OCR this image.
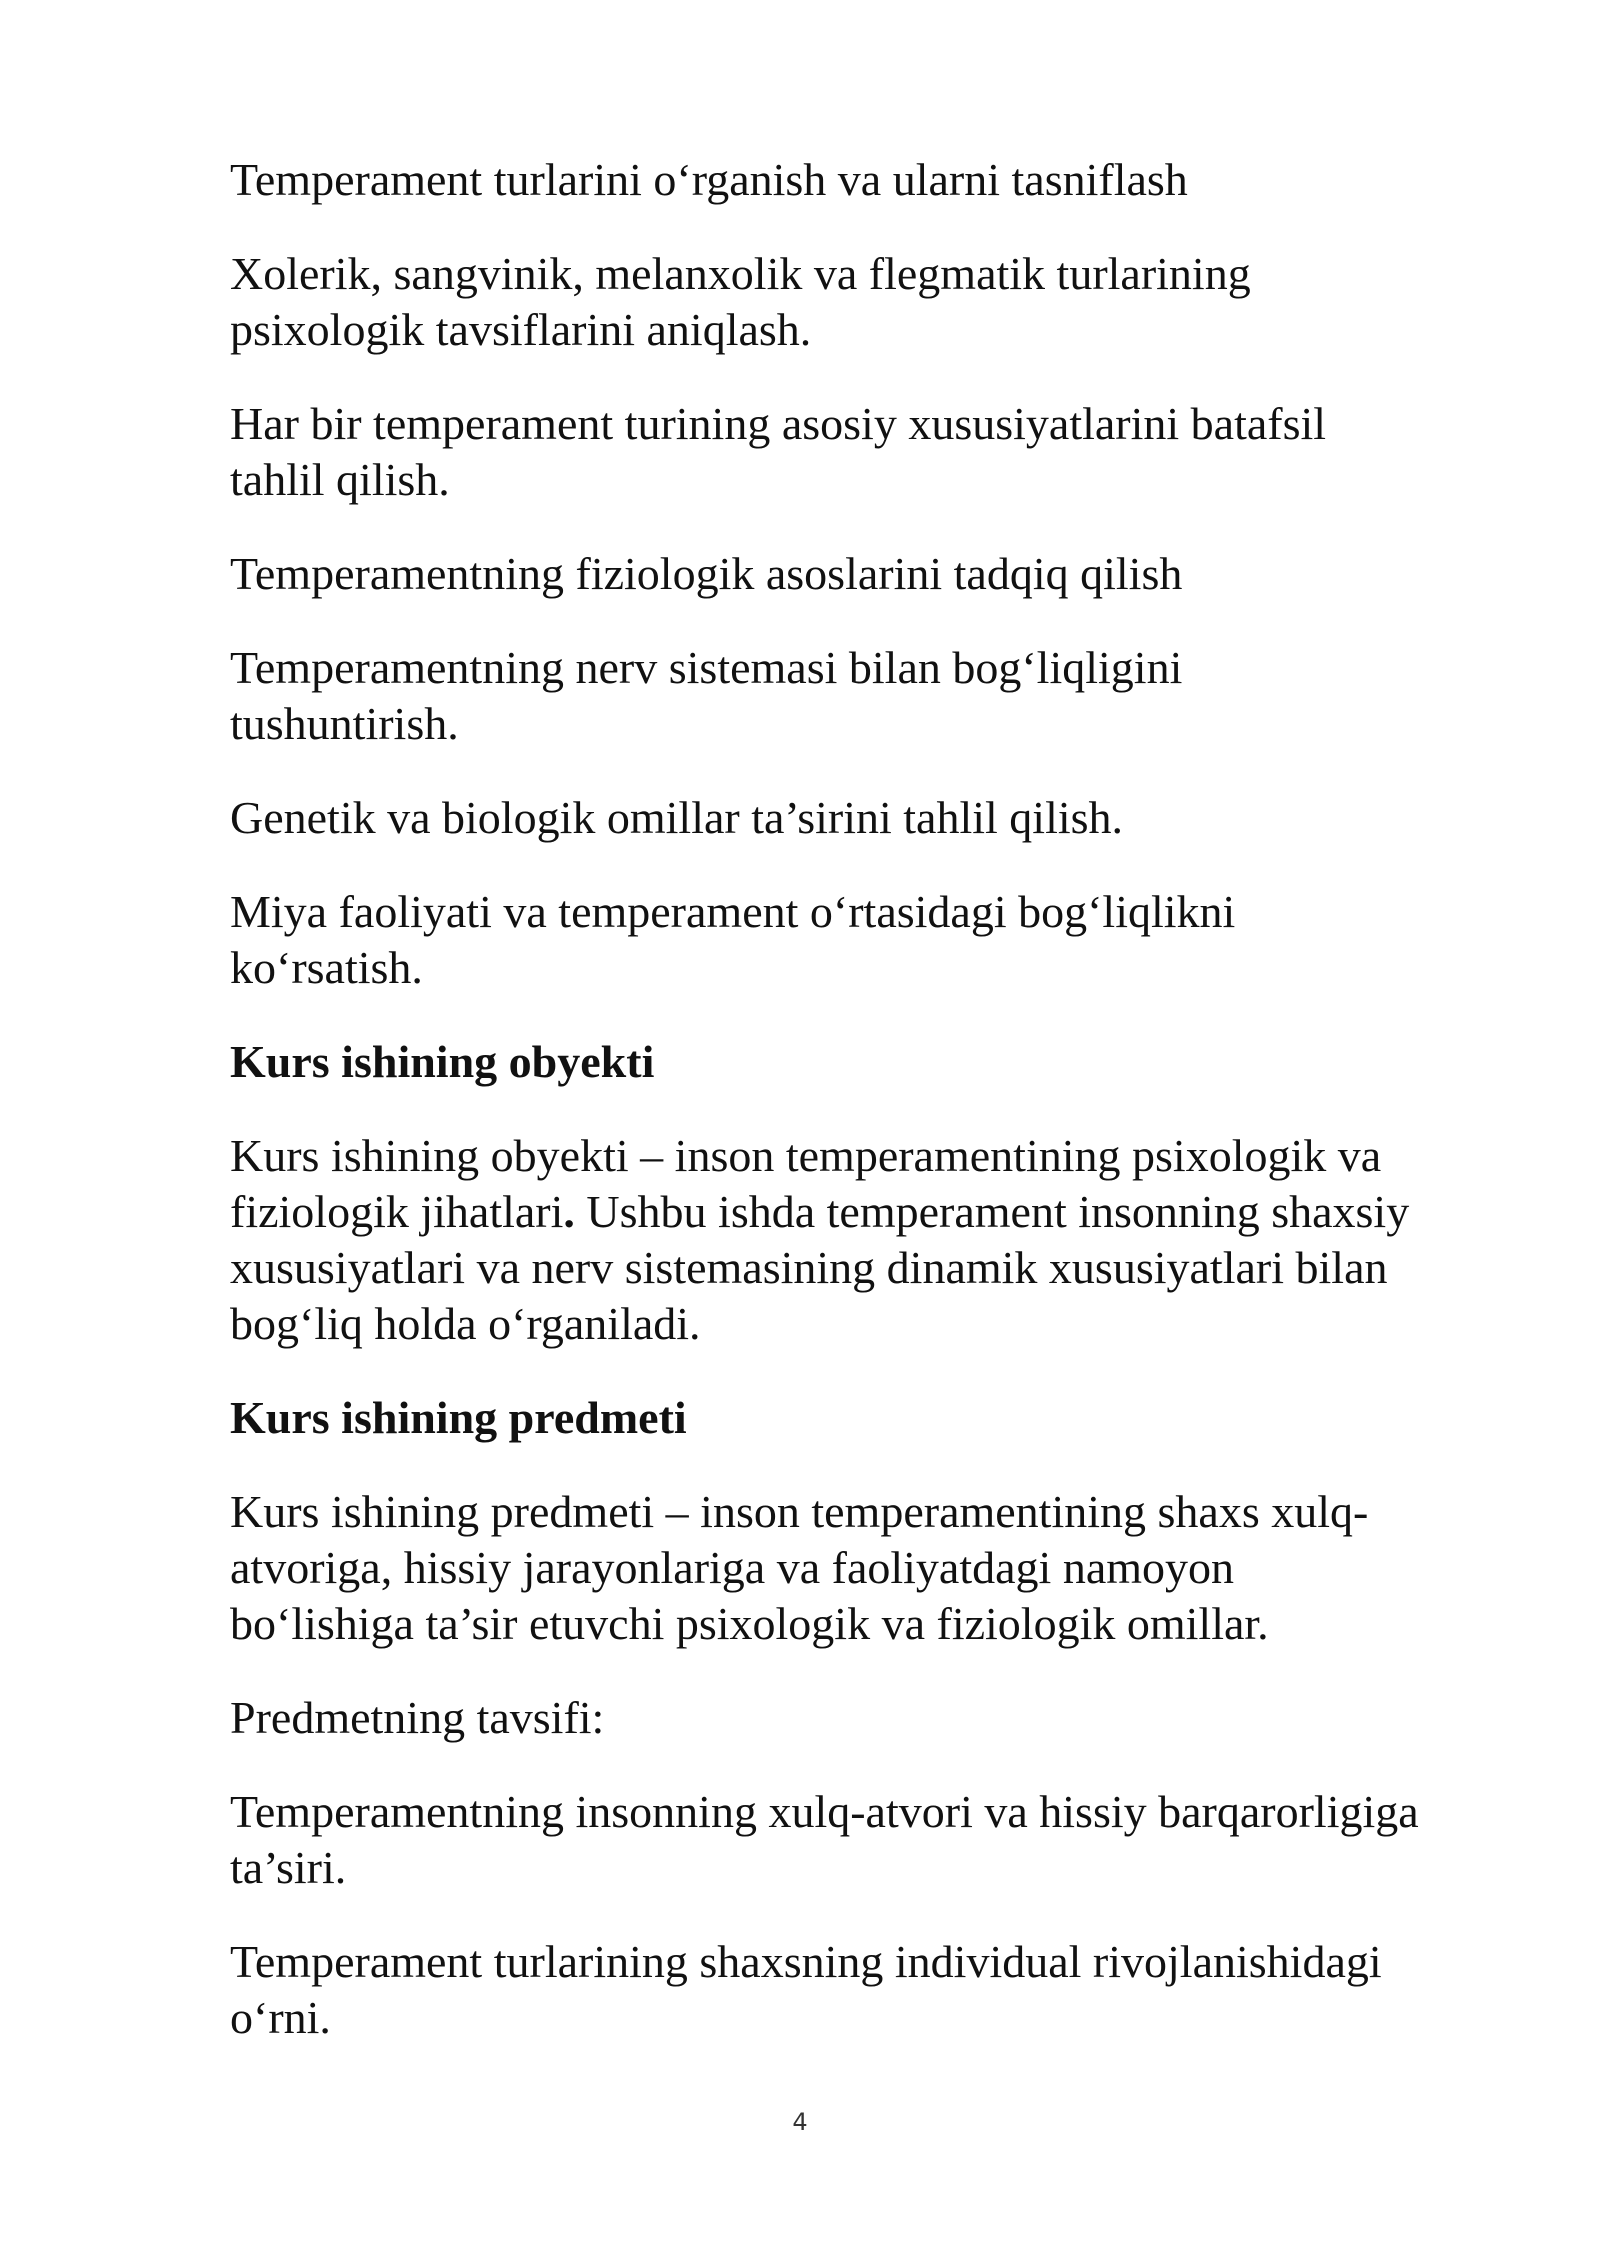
Temperament turlarini o‘rganish va ularni tasniflash

Xolerik, sangvinik, melanxolik va flegmatik turlarining
psixologik tavsiflarini aniqlash.

Har bir temperament turining asosiy xususiyatlarini batafsil
tahlil qilish.

Temperamentning fiziologik asoslarini tadqiq qilish

Temperamentning nerv sistemasi bilan bog‘liqligini
tushuntirish.

Genetik va biologik omillar ta’sirini tahlil qilish.

Miya faoliyati va temperament o‘rtasidagi bog‘liqlikni
ko‘rsatish.

Kurs ishining obyekti

Kurs ishining obyekti – inson temperamentining psixologik va
fiziologik jihatlari. Ushbu ishda temperament insonning shaxsiy
xususiyatlari va nerv sistemasining dinamik xususiyatlari bilan
bog‘liq holda o‘rganiladi.

Kurs ishining predmeti

Kurs ishining predmeti – inson temperamentining shaxs xulq-
atvoriga, hissiy jarayonlariga va faoliyatdagi namoyon
bo‘lishiga ta’sir etuvchi psixologik va fiziologik omillar.

Predmetning tavsifi:

Temperamentning insonning xulq-atvori va hissiy barqarorligiga
ta’siri.

Temperament turlarining shaxsning individual rivojlanishidagi
o‘rni.

4
